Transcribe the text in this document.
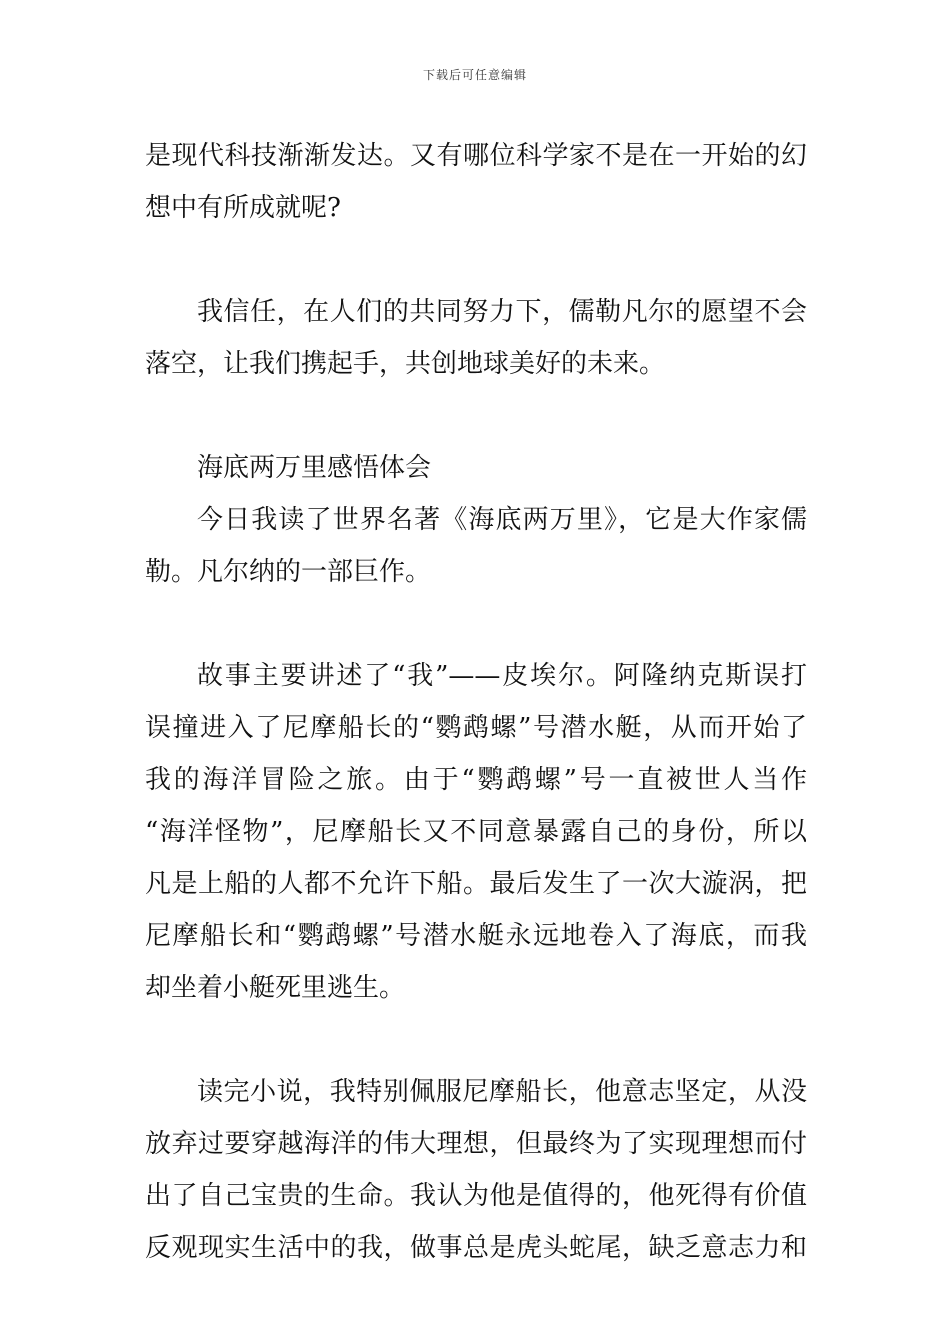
下载后可任意编辑
是现代科技渐渐发达。又有哪位科学家不是在一开始的幻
想中有所成就呢?
我信任，在人们的共同努力下，儒勒凡尔的愿望不会
落空，让我们携起手，共创地球美好的未来。
海底两万里感悟体会
今日我读了世界名著《海底两万里》，它是大作家儒
勒。凡尔纳的一部巨作。
故事主要讲述了“我”——皮埃尔。阿隆纳克斯误打
误撞进入了尼摩船长的“鹦鹉螺”号潜水艇，从而开始了
我的海洋冒险之旅。由于“鹦鹉螺”号一直被世人当作
“海洋怪物”，尼摩船长又不同意暴露自己的身份，所以
凡是上船的人都不允许下船。最后发生了一次大漩涡，把
尼摩船长和“鹦鹉螺”号潜水艇永远地卷入了海底，而我
却坐着小艇死里逃生。
读完小说，我特别佩服尼摩船长，他意志坚定，从没
放弃过要穿越海洋的伟大理想，但最终为了实现理想而付
出了自己宝贵的生命。我认为他是值得的，他死得有价值
反观现实生活中的我，做事总是虎头蛇尾，缺乏意志力和
